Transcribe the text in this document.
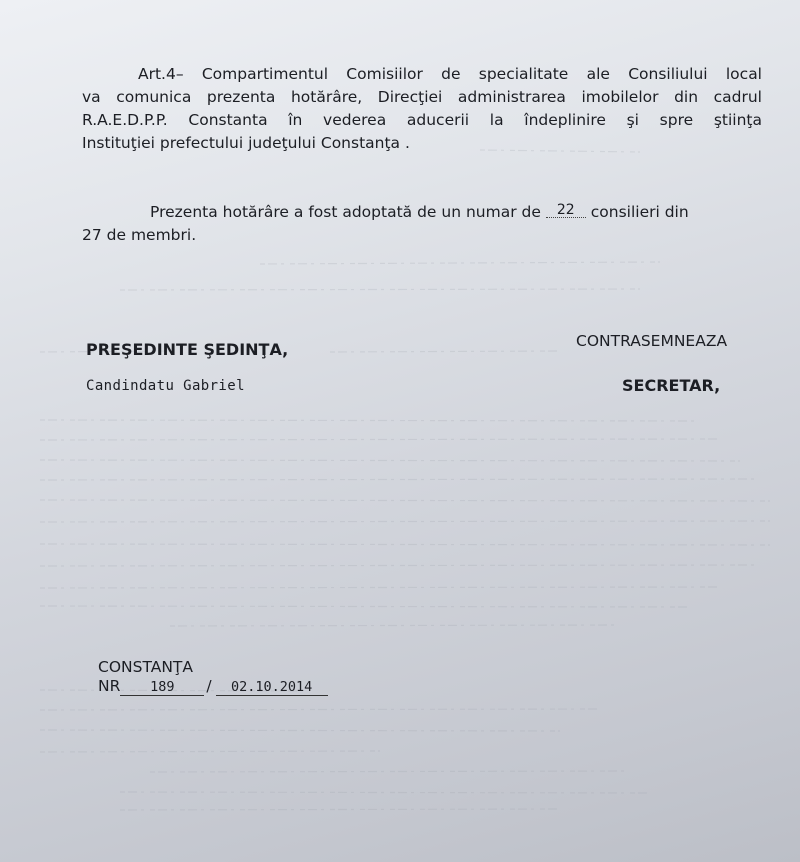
Art.4– Compartimentul Comisiilor de specialitate ale Consiliului local
va comunica prezenta hotărâre, Direcţiei administrarea imobilelor din cadrul
R.A.E.D.P.P. Constanta în vederea aducerii la îndeplinire şi spre ştiinţa
Instituţiei prefectului judeţului Constanţa .
Prezenta hotărâre a fost adoptată de un numar de 22 consilieri din
27 de membri.
PREŞEDINTE ŞEDINŢA,
Candindatu Gabriel
CONTRASEMNEAZA
SECRETAR,
CONSTANŢA
NR 189 / 02.10.2014
